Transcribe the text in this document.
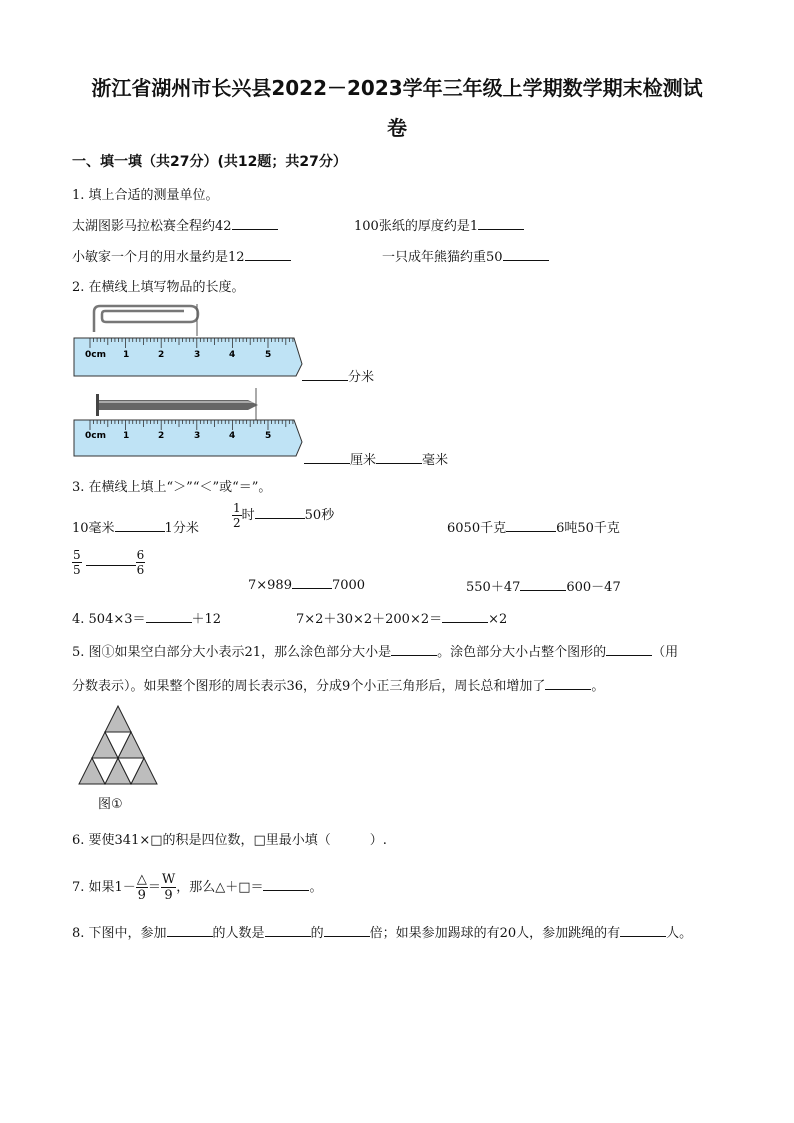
浙江省湖州市长兴县2022－2023学年三年级上学期数学期末检测试
卷
一、填一填（共27分）(共12题；共27分）
1. 填上合适的测量单位。
太湖图影马拉松赛全程约42	100张纸的厚度约是1
小敏家一个月的用水量约是12	一只成年熊猫约重50
2. 在横线上填写物品的长度。
0cm 1	2	3	4	5
分米
0cm 1	2	3	4	5
厘米	毫米
3. 在横线上填上“＞”“＜”或“＝”。
10毫米	1分米	$\frac{1}{2}$ 时	50秒
6050千克	6吨50千克
$\frac{5}{5}$	$\frac{6}{6}$
7×989	7000	550＋47	600－47
4. 504×3＝	＋12	7×2＋30×2＋200×2＝	×2
5. 图①如果空白部分大小表示21，那么涂色部分大小是	。涂色部分大小占整个图形的	（用
分数表示）。如果整个图形的周长表示36，分成9个小正三角形后，周长总和增加了	。
图①
6. 要使341×□的积是四位数，□里最小填（　　　）.
7. 如果$1- \frac{\triangle}{9} = \frac{W}{9}$ ，那么△＋□＝	。
8. 下图中，参加	的人数是	的	倍；如果参加踢球的有20人，参加跳绳的有	人。
